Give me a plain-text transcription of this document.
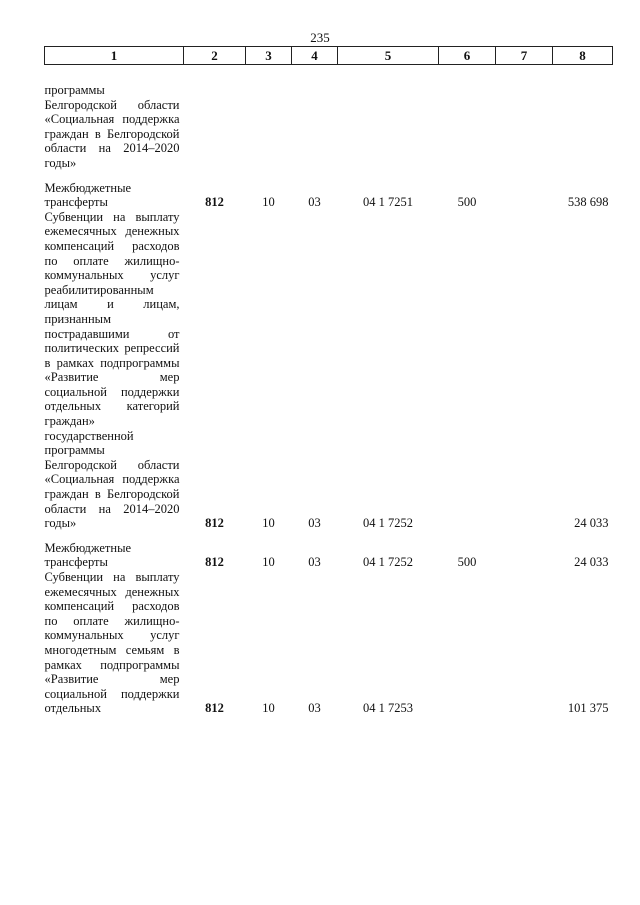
235
1	2	3	4	5	6	7	8
программы Белгородской области «Социальная поддержка граждан в Белгородской области на 2014–2020 годы»							
Межбюджетные трансферты	812	10	03	04 1 7251	500		538 698
Субвенции на выплату ежемесячных денежных компенсаций расходов по оплате жилищно-коммунальных услуг реабилитированным лицам и лицам, признанным пострадавшими от политических репрессий в рамках подпрограммы «Развитие мер социальной поддержки отдельных категорий граждан» государственной программы Белгородской области «Социальная поддержка граждан в Белгородской области на 2014–2020 годы»	812	10	03	04 1 7252			24 033
Межбюджетные трансферты	812	10	03	04 1 7252	500		24 033
Субвенции на выплату ежемесячных денежных компенсаций расходов по оплате жилищно-коммунальных услуг многодетным семьям в рамках подпрограммы «Развитие мер социальной поддержки отдельных	812	10	03	04 1 7253			101 375
